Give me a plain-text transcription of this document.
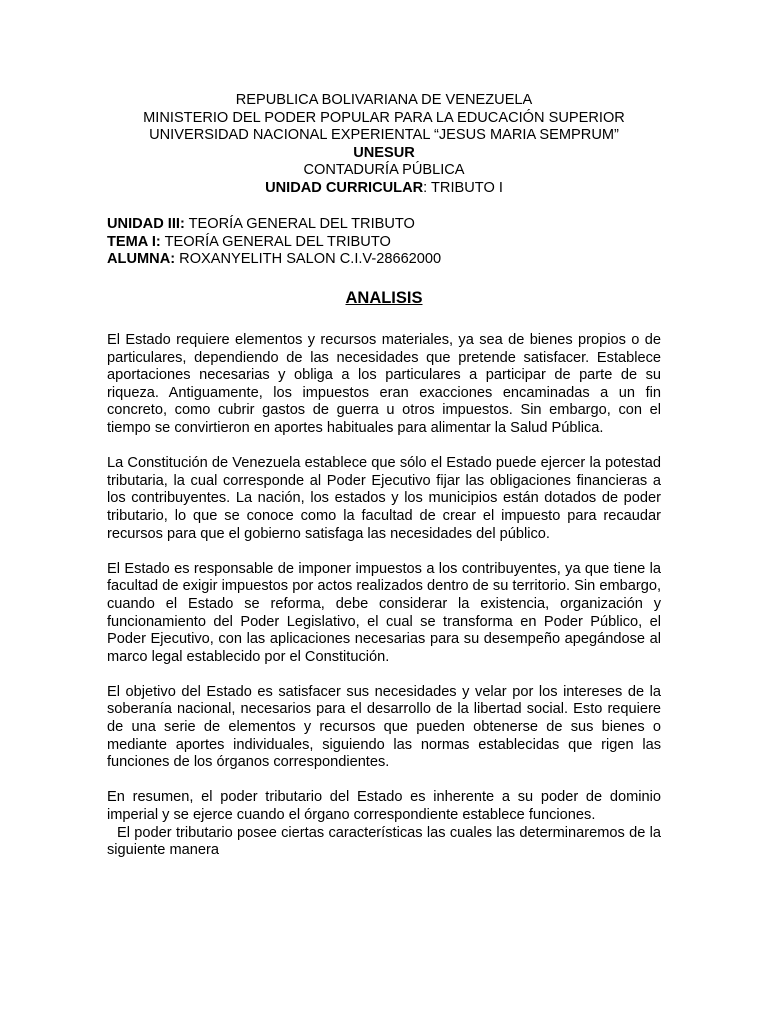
REPUBLICA BOLIVARIANA DE VENEZUELA
MINISTERIO DEL PODER POPULAR PARA LA EDUCACIÓN SUPERIOR
UNIVERSIDAD NACIONAL EXPERIENTAL “JESUS MARIA SEMPRUM”
UNESUR
CONTADURÍA PÚBLICA
UNIDAD CURRICULAR: TRIBUTO I
UNIDAD III: TEORÍA GENERAL DEL TRIBUTO
TEMA I: TEORÍA GENERAL DEL TRIBUTO
ALUMNA: ROXANYELITH SALON C.I.V-28662000
ANALISIS

El Estado requiere elementos y recursos materiales, ya sea de bienes propios o de particulares, dependiendo de las necesidades que pretende satisfacer. Establece aportaciones necesarias y obliga a los particulares a participar de parte de su riqueza. Antiguamente, los impuestos eran exacciones encaminadas a un fin concreto, como cubrir gastos de guerra u otros impuestos. Sin embargo, con el tiempo se convirtieron en aportes habituales para alimentar la Salud Pública.

La Constitución de Venezuela establece que sólo el Estado puede ejercer la potestad tributaria, la cual corresponde al Poder Ejecutivo fijar las obligaciones financieras a los contribuyentes. La nación, los estados y los municipios están dotados de poder tributario, lo que se conoce como la facultad de crear el impuesto para recaudar recursos para que el gobierno satisfaga las necesidades del público.

El Estado es responsable de imponer impuestos a los contribuyentes, ya que tiene la facultad de exigir impuestos por actos realizados dentro de su territorio. Sin embargo, cuando el Estado se reforma, debe considerar la existencia, organización y funcionamiento del Poder Legislativo, el cual se transforma en Poder Público, el Poder Ejecutivo, con las aplicaciones necesarias para su desempeño apegándose al marco legal establecido por el Constitución.

El objetivo del Estado es satisfacer sus necesidades y velar por los intereses de la soberanía nacional, necesarios para el desarrollo de la libertad social. Esto requiere de una serie de elementos y recursos que pueden obtenerse de sus bienes o mediante aportes individuales, siguiendo las normas establecidas que rigen las funciones de los órganos correspondientes.

En resumen, el poder tributario del Estado es inherente a su poder de dominio imperial y se ejerce cuando el órgano correspondiente establece funciones.

El poder tributario posee ciertas características las cuales las determinaremos de la siguiente manera
